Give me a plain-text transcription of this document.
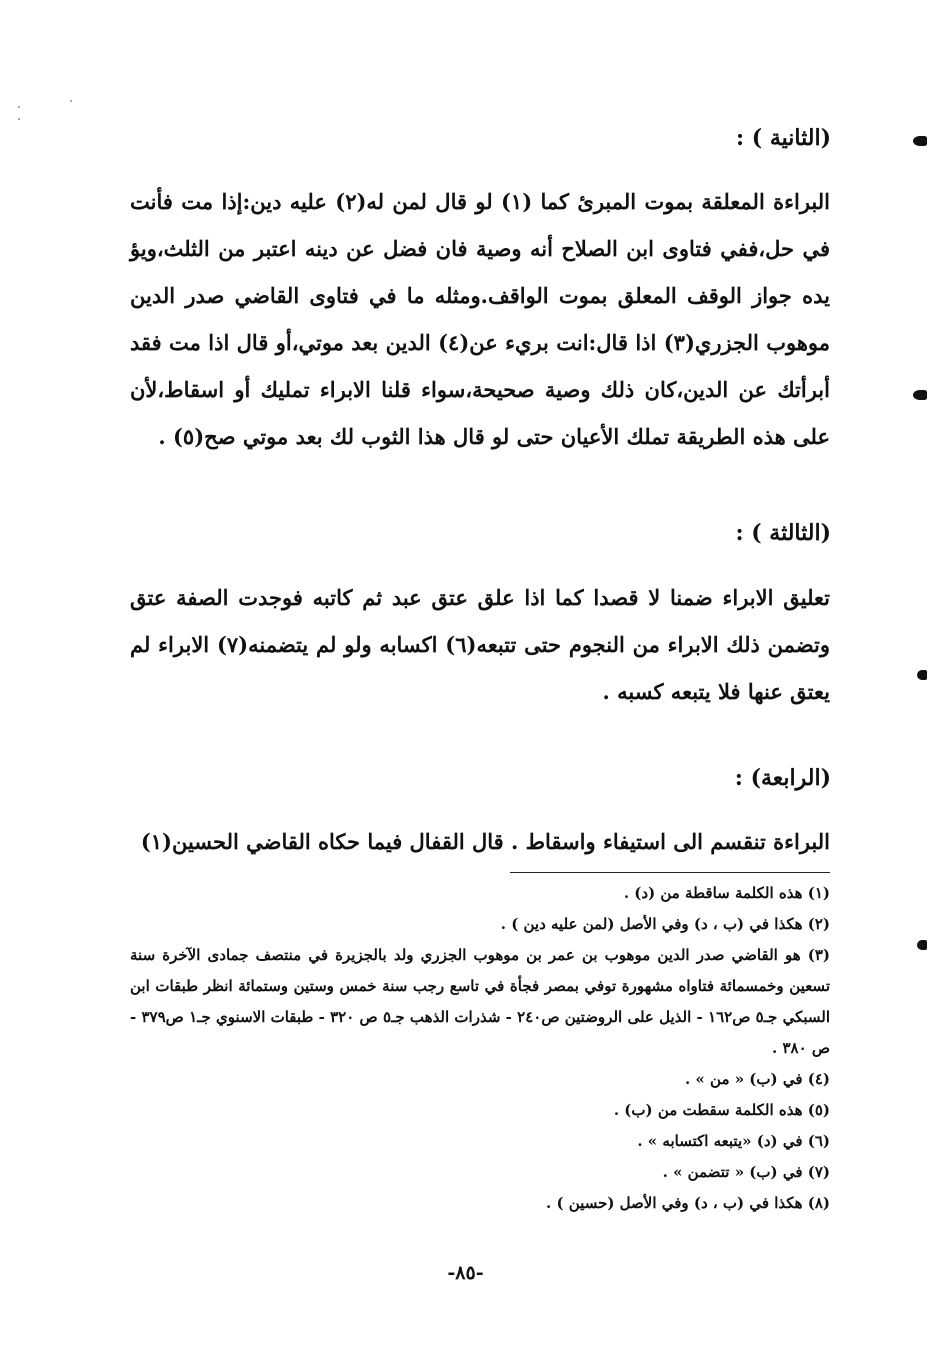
(الثانية ) :

البراءة المعلقة بموت المبرئ كما (١) لو قال لمن له(٢) عليه دين:إذا مت فأنت في حل،ففي فتاوى ابن الصلاح أنه وصية فان فضل عن دينه اعتبر من الثلث،ويؤ يده جواز الوقف المعلق بموت الواقف.ومثله ما في فتاوى القاضي صدر الدين موهوب الجزري(٣) اذا قال:انت بريء عن(٤) الدين بعد موتي،أو قال اذا مت فقد أبرأتك عن الدين،كان ذلك وصية صحيحة،سواء قلنا الابراء تمليك أو اسقاط،لأن على هذه الطريقة تملك الأعيان حتى لو قال هذا الثوب لك بعد موتي صح(٥) .

(الثالثة ) :

تعليق الابراء ضمنا لا قصدا كما اذا علق عتق عبد ثم كاتبه فوجدت الصفة عتق وتضمن ذلك الابراء من النجوم حتى تتبعه(٦) اكسابه ولو لم يتضمنه(٧) الابراء لم يعتق عنها فلا يتبعه كسبه .

(الرابعة) :

البراءة تنقسم الى استيفاء واسقاط . قال القفال فيما حكاه القاضي الحسين(١)

(١) هذه الكلمة ساقطة من (د) .

(٢) هكذا في (ب ، د) وفي الأصل (لمن عليه دين ) .

(٣) هو القاضي صدر الدين موهوب بن عمر بن موهوب الجزري ولد بالجزيرة في منتصف جمادى الآخرة سنة تسعين وخمسمائة فتاواه مشهورة توفي بمصر فجأة في تاسع رجب سنة خمس وستين وستمائة انظر طبقات ابن السبكي جـ٥ ص١٦٢ - الذيل على الروضتين ص٢٤٠ - شذرات الذهب جـ٥ ص ٣٢٠ - طبقات الاسنوي جـ١ ص٣٧٩ - ص ٣٨٠ .

(٤) في (ب) « من » .

(٥) هذه الكلمة سقطت من (ب) .

(٦) في (د) «يتبعه اكتسابه » .

(٧) في (ب) « تتضمن » .

(٨) هكذا في (ب ، د) وفي الأصل (حسين ) .

-٨٥-
